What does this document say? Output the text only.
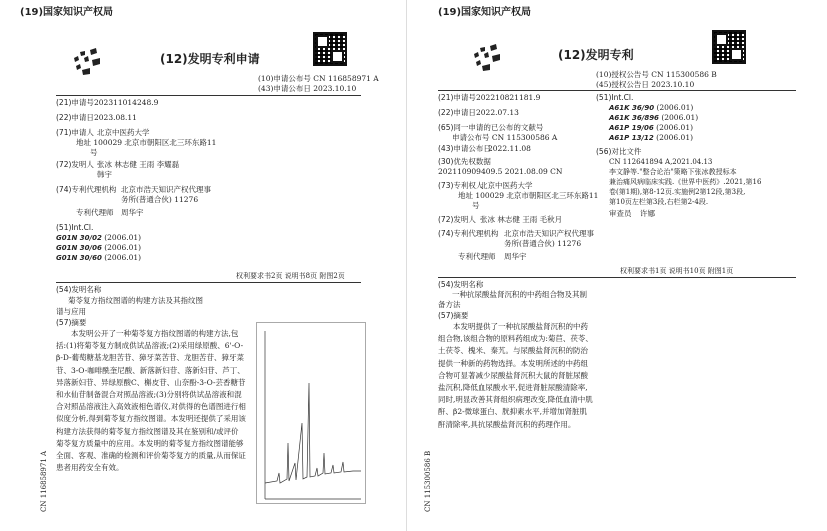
(19)国家知识产权局
(12)发明专利申请
(10)申请公布号 CN 116858971 A
(43)申请公布日 2023.10.10
(21)申请号 202311014248.9
(22)申请日 2023.08.11
(71)申请人 北京中医药大学
地址 100029 北京市朝阳区北三环东路11
号
(72)发明人 张冰 林志健 王雨 李耀磊
韩宇
(74)专利代理机构 北京市浩天知识产权代理事
务所(普通合伙) 11276
专利代理师 周华宇
(51)Int.Cl.
G01N 30/02 (2006.01)
G01N 30/06 (2006.01)
G01N 30/60 (2006.01)
权利要求书2页 说明书8页 附图2页
(54)发明名称
菊苓复方指纹图谱的构建方法及其指纹图
谱与应用
(57)摘要
本发明公开了一种菊苓复方指纹图谱的构建方法,包括:(1)将菊苓复方制成供试品溶液;(2)采用绿原酸、6'-O-β-D-葡萄糖基龙胆苦苷、獐牙菜苦苷、龙胆苦苷、獐牙菜苷、3-O-咖啡酰奎尼酸、新落新妇苷、落新妇苷、芦丁、异落新妇苷、异绿原酸C、槲皮苷、山奈酚-3-O-芸香糖苷和水仙苷制备混合对照品溶液;(3)分别将供试品溶液和混合对照品溶液注入高效液相色谱仪,对供得的色谱图进行相似度分析,得到菊苓复方指纹图谱。本发明还提供了采用该构建方法获得的菊苓复方指纹图谱及其在鉴别和/或评价菊苓复方质量中的应用。本发明的菊苓复方指纹图谱能够全面、客观、准确的检测和评价菊苓复方的质量,从而保证患者用药安全有效。
CN 116858971 A
(19)国家知识产权局
(12)发明专利
(10)授权公告号 CN 115300586 B
(45)授权公告日 2023.10.10
(21)申请号 202210821181.9
(22)申请日 2022.07.13
(65)同一申请的已公布的文献号
申请公布号 CN 115300586 A
(43)申请公布日
2022.11.08
(30)优先权数据
202110909409.5 2021.08.09 CN
(73)专利权人
北京中医药大学
地址 100029 北京市朝阳区北三环东路11
号
(72)发明人 张冰 林志健 王雨 毛秋月
(74)专利代理机构 北京市浩天知识产权代理事
务所(普通合伙) 11276
专利代理师 周华宇
(51)Int.Cl.
A61K 36/90 (2006.01)
A61K 36/896 (2006.01)
A61P 19/06 (2006.01)
A61P 13/12 (2006.01)
(56)对比文件
CN 112641894 A,2021.04.13
李文静等."整合论治"策略下张冰教授标本
兼治痛风病临床实践.《世界中医药》.2021,第16
卷(第1期),第8-12页.实施例2第12段,第3段,
第10页左栏第3段,右栏第2-4段.
审查员 许娜
权利要求书1页 说明书10页 附图1页
(54)发明名称
一种抗尿酸盐肾沉积的中药组合物及其制
备方法
(57)摘要
本发明提供了一种抗尿酸盐肾沉积的中药组合物,该组合物的原料药组成为:菊苣、茯苓、土茯苓、槐米、秦艽。与尿酸盐肾沉积的防治提供一种新的药物选择。本发明所述的中药组合物可显著减少尿酸盐肾沉积大鼠的肾脏尿酸盐沉积,降低血尿酸水平,促进肾脏尿酸清除率,同时,明显改善其肾组织病理改变,降低血清中肌酐、β2-微球蛋白、胱抑素水平,并增加肾脏肌酐清除率,具抗尿酸盐肾沉积的药理作用。
CN 115300586 B
